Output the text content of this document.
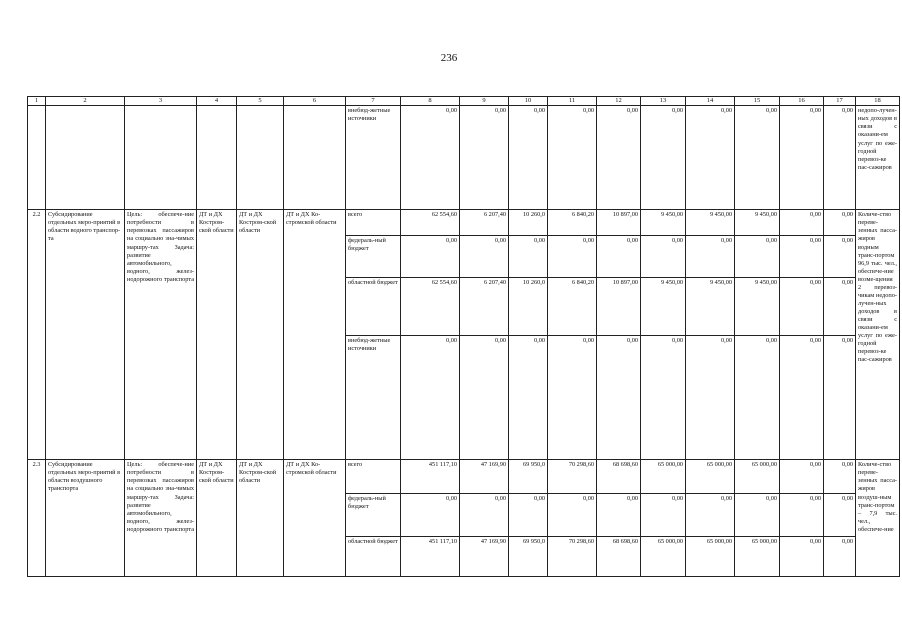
236
1	2	3	4	5	6	7	8	9	10	11	12	13	14	15	16	17	18
						внебюд-жетные источники	0,00	0,00	0,00	0,00	0,00	0,00	0,00	0,00	0,00	0,00	недопо-лучен-ных доходов в связи с оказани-ем услуг по еже-годной перевоз-ке пас-сажиров
2.2	Субсидирование отдельных меро-приятий в области водного транспор-та	Цель: обеспече-ние потребности в перевозках пассажиров на социально зна-чимых маршру-тах Задача: развитие автомобильного, водного, желез-нодорожного транспорта	ДТ и ДХ Костром-ской области	ДТ и ДХ Костром-ской области	ДТ и ДХ Ко-стромской области	всего	62 554,60	6 207,40	10 260,0	6 840,20	10 897,00	9 450,00	9 450,00	9 450,00	0,00	0,00	Количе-ство переве-зенных пасса-жиров водным транс-портом 96,9 тыс. чел., обеспече-ние возме-щения 2 перевоз-чикам недопо-лучен-ных доходов в связи с оказани-ем услуг по еже-годной перевоз-ке пас-сажиров
						федераль-ный бюджет	0,00	0,00	0,00	0,00	0,00	0,00	0,00	0,00	0,00	0,00	
						областной бюджет	62 554,60	6 207,40	10 260,0	6 840,20	10 897,00	9 450,00	9 450,00	9 450,00	0,00	0,00	
						внебюд-жетные источники	0,00	0,00	0,00	0,00	0,00	0,00	0,00	0,00	0,00	0,00	
2.3	Субсидирование отдельных меро-приятий в области воздушного транспорта	Цель: обеспече-ние потребности в перевозках пассажиров на социально зна-чимых маршру-тах Задача: развитие автомобильного, водного, желез-нодорожного транспорта	ДТ и ДХ Костром-ской области	ДТ и ДХ Костром-ской области	ДТ и ДХ Ко-стромской области	всего	451 117,10	47 169,90	69 950,0	70 298,60	68 698,60	65 000,00	65 000,00	65 000,00	0,00	0,00	Количе-ство переве-зенных пасса-жиров воздуш-ным транс-портом – 7,9 тыс. чел., обеспече-ние
						федераль-ный бюджет	0,00	0,00	0,00	0,00	0,00	0,00	0,00	0,00	0,00	0,00	
						областной бюджет	451 117,10	47 169,90	69 950,0	70 298,60	68 698,60	65 000,00	65 000,00	65 000,00	0,00	0,00	
